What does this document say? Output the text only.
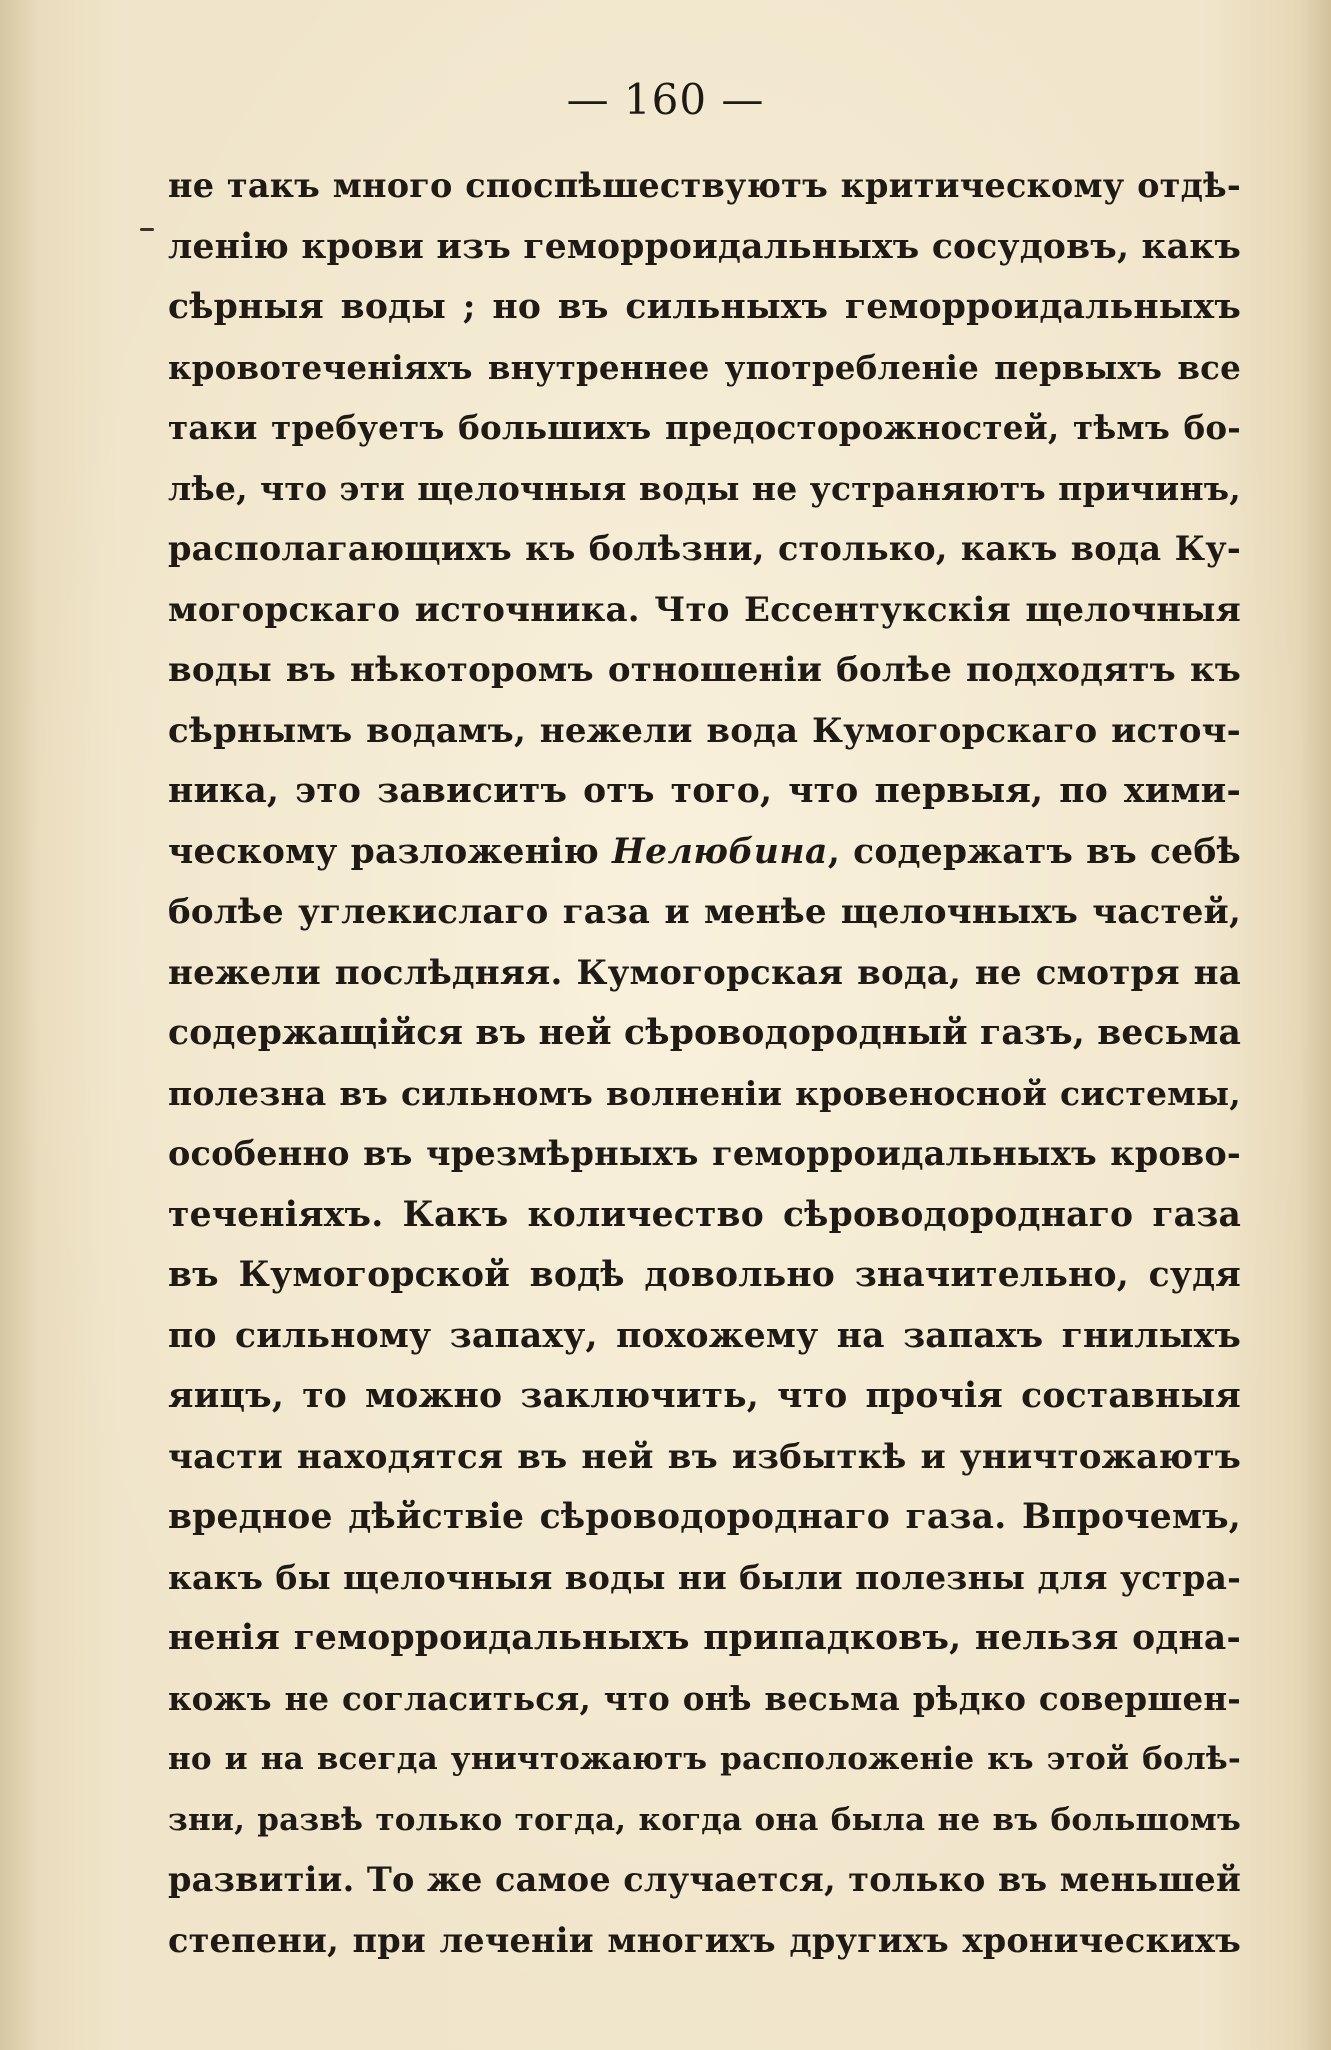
— 160 —
не такъ много споспѣшествуютъ критическому отдѣ-
ленію крови изъ геморроидальныхъ сосудовъ, какъ
сѣрныя воды ; но въ сильныхъ геморроидальныхъ
кровотеченіяхъ внутреннее употребленіе первыхъ все
таки требуетъ большихъ предосторожностей, тѣмъ бо-
лѣе, что эти щелочныя воды не устраняютъ причинъ,
располагающихъ къ болѣзни, столько, какъ вода Ку-
могорскаго источника. Что Ессентукскія щелочныя
воды въ нѣкоторомъ отношеніи болѣе подходятъ къ
сѣрнымъ водамъ, нежели вода Кумогорскаго источ-
ника, это зависитъ отъ того, что первыя, по хими-
ческому разложенію Нелюбина, содержатъ въ себѣ
болѣе углекислаго газа и менѣе щелочныхъ частей,
нежели послѣдняя. Кумогорская вода, не смотря на
содержащійся въ ней сѣроводородный газъ, весьма
полезна въ сильномъ волненіи кровеносной системы,
особенно въ чрезмѣрныхъ геморроидальныхъ крово-
теченіяхъ. Какъ количество сѣроводороднаго газа
въ Кумогорской водѣ довольно значительно, судя
по сильному запаху, похожему на запахъ гнилыхъ
яицъ, то можно заключить, что прочія составныя
части находятся въ ней въ избыткѣ и уничтожаютъ
вредное дѣйствіе сѣроводороднаго газа. Впрочемъ,
какъ бы щелочныя воды ни были полезны для устра-
ненія геморроидальныхъ припадковъ, нельзя одна-
кожъ не согласиться, что онѣ весьма рѣдко совершен-
но и на всегда уничтожаютъ расположеніе къ этой болѣ-
зни, развѣ только тогда, когда она была не въ большомъ
развитіи. То же самое случается, только въ меньшей
степени, при леченіи многихъ другихъ хроническихъ
